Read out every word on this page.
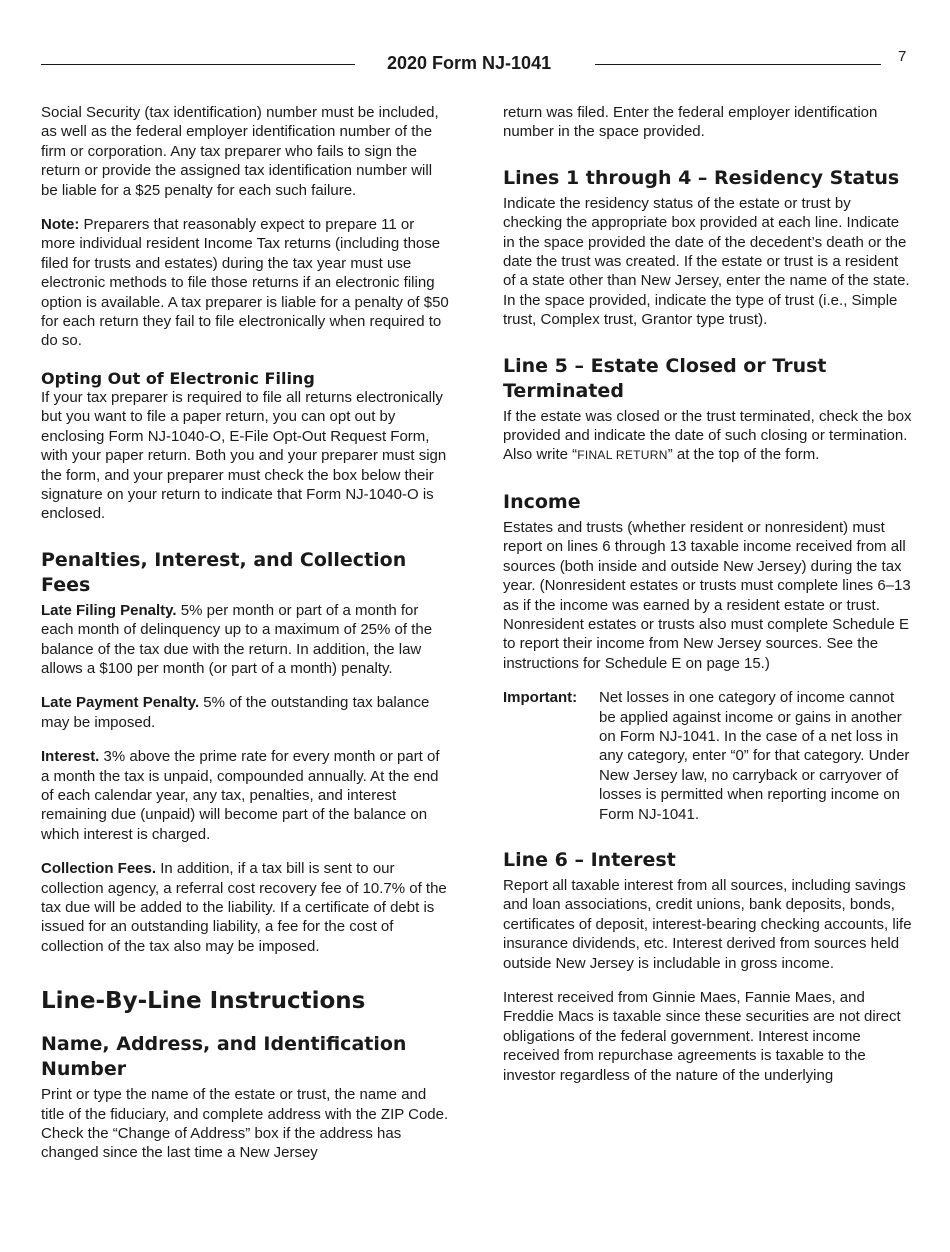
2020 Form NJ-1041	7

Social Security (tax identification) number must be included, as well as the federal employer identification number of the firm or corporation. Any tax preparer who fails to sign the return or provide the assigned tax identification number will be liable for a $25 penalty for each such failure.

Note: Preparers that reasonably expect to prepare 11 or more individual resident Income Tax returns (including those filed for trusts and estates) during the tax year must use electronic methods to file those returns if an electronic filing option is available. A tax preparer is liable for a penalty of $50 for each return they fail to file electronically when required to do so.

Opting Out of Electronic Filing

If your tax preparer is required to file all returns electronically but you want to file a paper return, you can opt out by enclosing Form NJ-1040-O, E-File Opt-Out Request Form, with your paper return. Both you and your preparer must sign the form, and your preparer must check the box below their signature on your return to indicate that Form NJ-1040-O is enclosed.

Penalties, Interest, and Collection Fees

Late Filing Penalty. 5% per month or part of a month for each month of delinquency up to a maximum of 25% of the balance of the tax due with the return. In addition, the law allows a $100 per month (or part of a month) penalty.

Late Payment Penalty. 5% of the outstanding tax balance may be imposed.

Interest. 3% above the prime rate for every month or part of a month the tax is unpaid, compounded annually. At the end of each calendar year, any tax, penalties, and interest remaining due (unpaid) will become part of the balance on which interest is charged.

Collection Fees. In addition, if a tax bill is sent to our collection agency, a referral cost recovery fee of 10.7% of the tax due will be added to the liability. If a certificate of debt is issued for an outstanding liability, a fee for the cost of collection of the tax also may be imposed.

Line-By-Line Instructions
Name, Address, and Identification Number

Print or type the name of the estate or trust, the name and title of the fiduciary, and complete address with the ZIP Code. Check the “Change of Address” box if the address has changed since the last time a New Jersey

return was filed. Enter the federal employer identification number in the space provided.

Lines 1 through 4 – Residency Status

Indicate the residency status of the estate or trust by checking the appropriate box provided at each line. Indicate in the space provided the date of the decedent’s death or the date the trust was created. If the estate or trust is a resident of a state other than New Jersey, enter the name of the state. In the space provided, indicate the type of trust (i.e., Simple trust, Complex trust, Grantor type trust).

Line 5 – Estate Closed or Trust Terminated

If the estate was closed or the trust terminated, check the box provided and indicate the date of such closing or termination. Also write “FINAL RETURN” at the top of the form.

Income

Estates and trusts (whether resident or nonresident) must report on lines 6 through 13 taxable income received from all sources (both inside and outside New Jersey) during the tax year. (Nonresident estates or trusts must complete lines 6–13 as if the income was earned by a resident estate or trust. Nonresident estates or trusts also must complete Schedule E to report their income from New Jersey sources. See the instructions for Schedule E on page 15.)

Important:	Net losses in one category of income cannot be applied against income or gains in another on Form NJ-1041. In the case of a net loss in any category, enter “0” for that category. Under New Jersey law, no carryback or carryover of losses is permitted when reporting income on Form NJ-1041.
Line 6 – Interest

Report all taxable interest from all sources, including savings and loan associations, credit unions, bank deposits, bonds, certificates of deposit, interest-bearing checking accounts, life insurance dividends, etc. Interest derived from sources held outside New Jersey is includable in gross income.

Interest received from Ginnie Maes, Fannie Maes, and Freddie Macs is taxable since these securities are not direct obligations of the federal government. Interest income received from repurchase agreements is taxable to the investor regardless of the nature of the underlying
